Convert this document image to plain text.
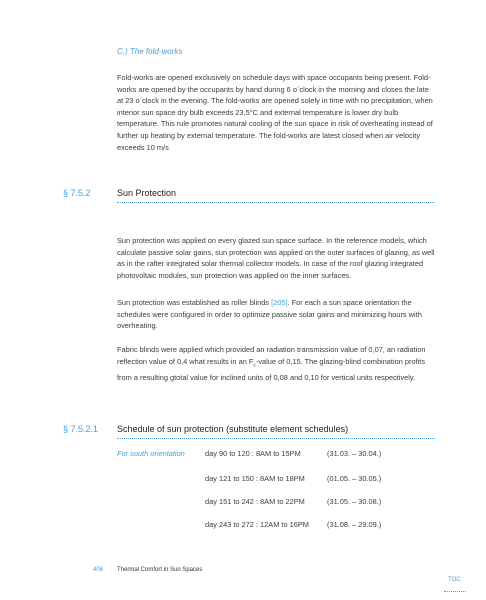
C.) The fold-works
Fold-works are opened exclusively on schedule days with space occupants being present. Fold-works are opened by the occupants by hand during 6 o´clock in the morning and closes the late at 23 o´clock in the evening. The fold-works are opened solely in time with no precipitation, when interior sun space dry bulb exceeds 23,5°C and external temperature is lower dry bulb temperature. This rule promotes natural cooling of the sun space in risk of overheating instead of further up heating by external temperature. The fold-works are latest closed when air velocity exceeds 10 m/s
§ 7.5.2	Sun Protection
Sun protection was applied on every glazed sun space surface. In the reference models, which calculate passive solar gains, sun protection was applied on the outer surfaces of glazing, as well as in the rafter integrated solar thermal collector models. In case of the roof glazing integrated photovoltaic modules, sun protection was applied on the inner surfaces.
Sun protection was established as roller blinds [205]. For each a sun space orientation the schedules were configured in order to optimize passive solar gains and minimizing hours with overheating.
Fabric blinds were applied which provided an radiation transmission value of 0,07, an radiation reflection value of 0,4 what results in an $F_c$-value of 0,15. The glazing-blind combination profits from a resulting gtotal value for inclined units of 0,08 and 0,10 for vertical units respectively.
§ 7.5.2.1 Schedule of sun protection (substitute element schedules)
For south orientation	day 90 to 120 : 8AM to 15PM	(31.03. – 30.04.)
day 121 to 150 : 8AM to 18PM	(01.05. – 30.05.)
day 151 to 242 : 8AM to 22PM	(31.05. – 30.08.)
day 243 to 272 : 12AM to 16PM (31.08. – 29.09.)
406 Thermal Comfort in Sun Spaces
TOC
